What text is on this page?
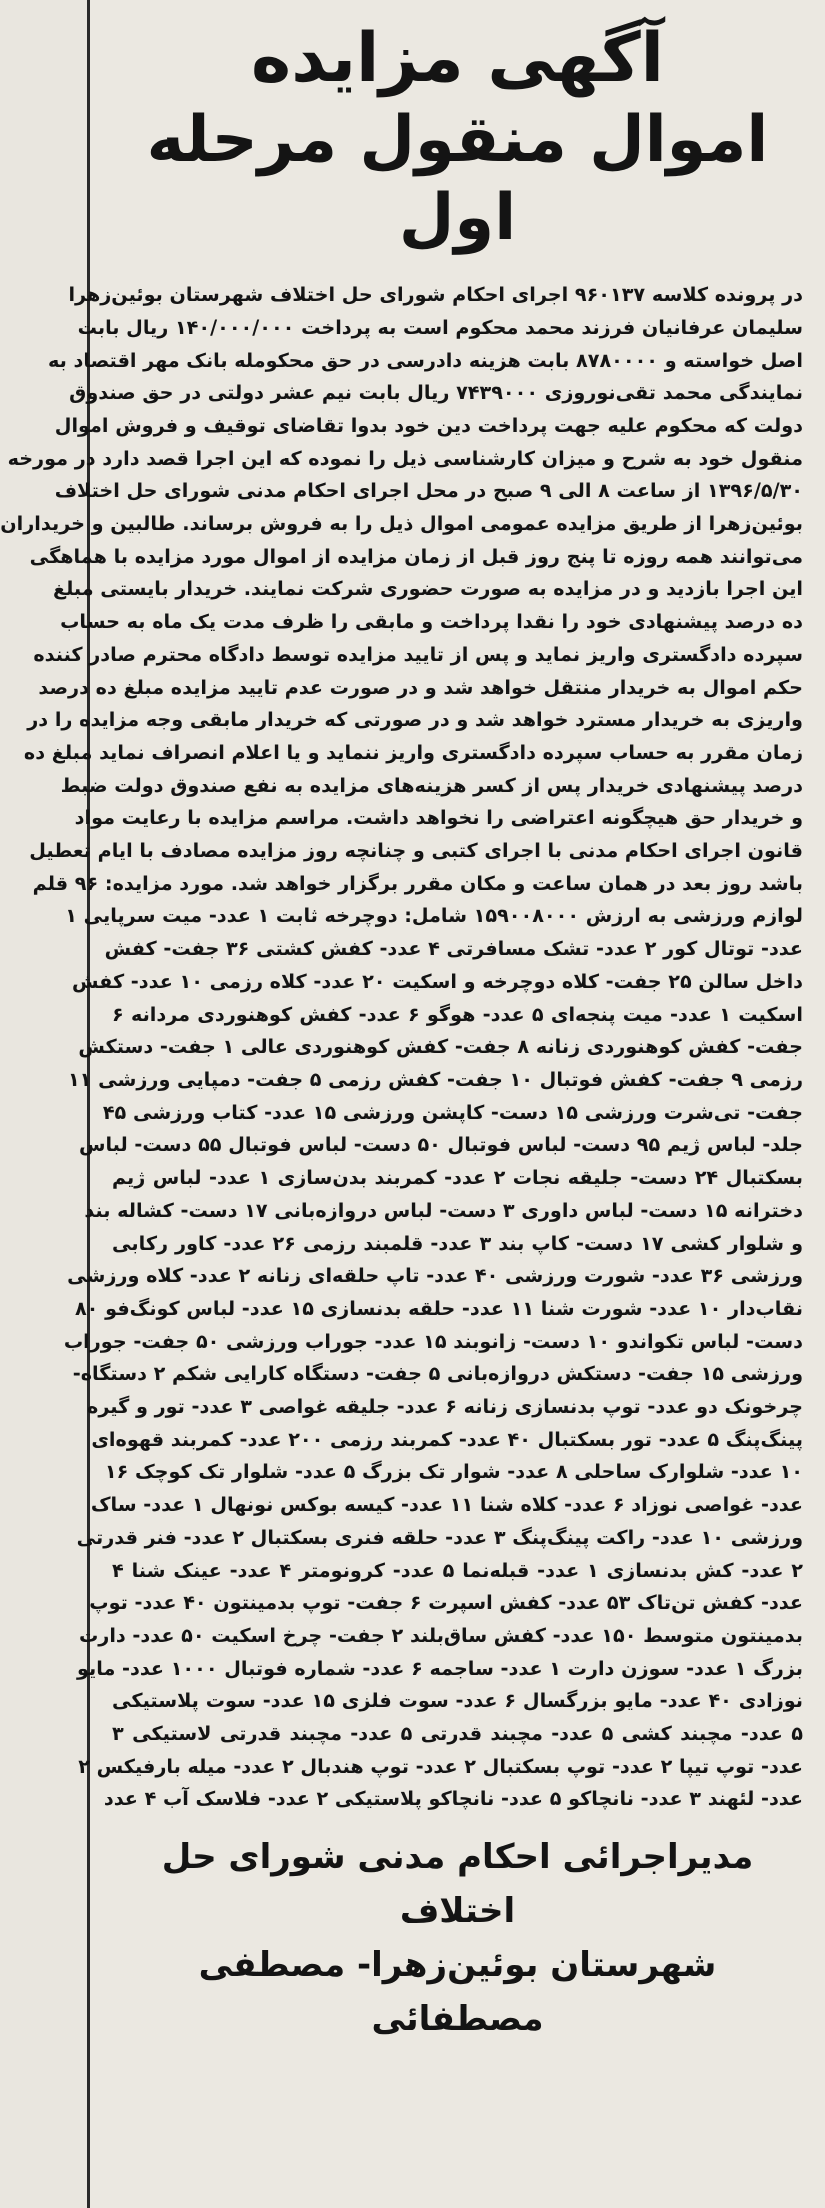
آگهی مزایده
اموال منقول مرحله اول
در پرونده کلاسه ۹۶۰۱۳۷ اجرای احکام شورای حل اختلاف شهرستان بوئین‌زهرا
سلیمان عرفانیان فرزند محمد محکوم است به پرداخت ۱۴۰/۰۰۰/۰۰۰ ریال بابت
اصل خواسته و ۸۷۸۰۰۰۰ بابت هزینه دادرسی در حق محکومله بانک مهر اقتصاد به
نمایندگی محمد تقی‌نوروزی ۷۴۳۹۰۰۰ ریال بابت نیم عشر دولتی در حق صندوق
دولت که محکوم علیه جهت پرداخت دین خود بدوا تقاضای توقیف و فروش اموال
منقول خود به شرح و میزان کارشناسی ذیل را نموده که این اجرا قصد دارد در مورخه
۱۳۹۶/۵/۳۰ از ساعت ۸ الی ۹ صبح در محل اجرای احکام مدنی شورای حل اختلاف
بوئین‌زهرا از طریق مزایده عمومی اموال ذیل را به فروش برساند. طالبین و خریداران
می‌توانند همه روزه تا پنج روز قبل از زمان مزایده از اموال مورد مزایده با هماهگی
این اجرا بازدید و در مزایده به صورت حضوری شرکت نمایند. خریدار بایستی مبلغ
ده درصد پیشنهادی خود را نقدا پرداخت و مابقی را ظرف مدت یک ماه به حساب
سپرده دادگستری واریز نماید و پس از تایید مزایده توسط دادگاه محترم صادر کننده
حکم اموال به خریدار منتقل خواهد شد و در صورت عدم تایید مزایده مبلغ ده درصد
واریزی به خریدار مسترد خواهد شد و در صورتی که خریدار مابقی وجه مزایده را در
زمان مقرر به حساب سپرده دادگستری واریز ننماید و یا اعلام انصراف نماید مبلغ ده
درصد پیشنهادی خریدار پس از کسر هزینه‌های مزایده به نفع صندوق دولت ضبط
و خریدار حق هیچگونه اعتراضی را نخواهد داشت. مراسم مزایده با رعایت مواد
قانون اجرای احکام مدنی با اجرای کتبی و چنانچه روز مزایده مصادف با ایام تعطیل
باشد روز بعد در همان ساعت و مکان مقرر برگزار خواهد شد. مورد مزایده: ۹۶ قلم
لوازم ورزشی به ارزش ۱۵۹۰۰۸۰۰۰ شامل: دوچرخه ثابت ۱ عدد- میت سرپایی ۱
عدد- توتال کور ۲ عدد- تشک مسافرتی ۴ عدد- کفش کشتی ۳۶ جفت- کفش
داخل سالن ۲۵ جفت- کلاه دوچرخه و اسکیت ۲۰ عدد- کلاه رزمی ۱۰ عدد- کفش
اسکیت ۱ عدد- میت پنجه‌ای ۵ عدد- هوگو ۶ عدد- کفش کوهنوردی مردانه ۶
جفت- کفش کوهنوردی زنانه ۸ جفت- کفش کوهنوردی عالی ۱ جفت- دستکش
رزمی ۹ جفت- کفش فوتبال ۱۰ جفت- کفش رزمی ۵ جفت- دمپایی ورزشی ۱۱
جفت- تی‌شرت ورزشی ۱۵ دست- کاپشن ورزشی ۱۵ عدد- کتاب ورزشی ۴۵
جلد- لباس ژیم ۹۵ دست- لباس فوتبال ۵۰ دست- لباس فوتبال ۵۵ دست- لباس
بسکتبال ۲۴ دست- جلیقه نجات ۲ عدد- کمربند بدن‌سازی ۱ عدد- لباس ژیم
دخترانه ۱۵ دست- لباس داوری ۳ دست- لباس دروازه‌بانی ۱۷ دست- کشاله بند
و شلوار کشی ۱۷ دست- کاپ بند ۳ عدد- قلمبند رزمی ۲۶ عدد- کاور رکابی
ورزشی ۳۶ عدد- شورت ورزشی ۴۰ عدد- تاپ حلقه‌ای زنانه ۲ عدد- کلاه ورزشی
نقاب‌دار ۱۰ عدد- شورت شنا ۱۱ عدد- حلقه بدنسازی ۱۵ عدد- لباس کونگ‌فو ۸۰
دست- لباس تکواندو ۱۰ دست- زانوبند ۱۵ عدد- جوراب ورزشی ۵۰ جفت- جوراب
ورزشی ۱۵ جفت- دستکش دروازه‌بانی ۵ جفت- دستگاه کارایی شکم ۲ دستگاه-
چرخونک دو عدد- توپ بدنسازی زنانه ۶ عدد- جلیقه غواصی ۳ عدد- تور و گیره
پینگ‌پنگ ۵ عدد- تور بسکتبال ۴۰ عدد- کمربند رزمی ۲۰۰ عدد- کمربند قهوه‌ای
۱۰ عدد- شلوارک ساحلی ۸ عدد- شوار تک بزرگ ۵ عدد- شلوار تک کوچک ۱۶
عدد- غواصی نوزاد ۶ عدد- کلاه شنا ۱۱ عدد- کیسه بوکس نونهال ۱ عدد- ساک
ورزشی ۱۰ عدد- راکت پینگ‌پنگ ۳ عدد- حلقه فنری بسکتبال ۲ عدد- فنر قدرتی
۲ عدد- کش بدنسازی ۱ عدد- قبله‌نما ۵ عدد- کرونومتر ۴ عدد- عینک شنا ۴
عدد- کفش تن‌تاک ۵۳ عدد- کفش اسپرت ۶ جفت- توپ بدمینتون ۴۰ عدد- توپ
بدمینتون متوسط ۱۵۰ عدد- کفش ساق‌بلند ۲ جفت- چرخ اسکیت ۵۰ عدد- دارت
بزرگ ۱ عدد- سوزن دارت ۱ عدد- ساجمه ۶ عدد- شماره فوتبال ۱۰۰۰ عدد- مایو
نوزادی ۴۰ عدد- مایو بزرگسال ۶ عدد- سوت فلزی ۱۵ عدد- سوت پلاستیکی
۵ عدد- مچبند کشی ۵ عدد- مچبند قدرتی ۵ عدد- مچبند قدرتی لاستیکی ۳
عدد- توپ تیپا ۲ عدد- توپ بسکتبال ۲ عدد- توپ هندبال ۲ عدد- میله بارفیکس ۲
عدد- لئهند ۳ عدد- نانچاکو ۵ عدد- نانچاکو پلاستیکی ۲ عدد- فلاسک آب ۴ عدد
مدیراجرائی احکام مدنی شورای حل اختلاف
شهرستان بوئین‌زهرا- مصطفی مصطفائی
